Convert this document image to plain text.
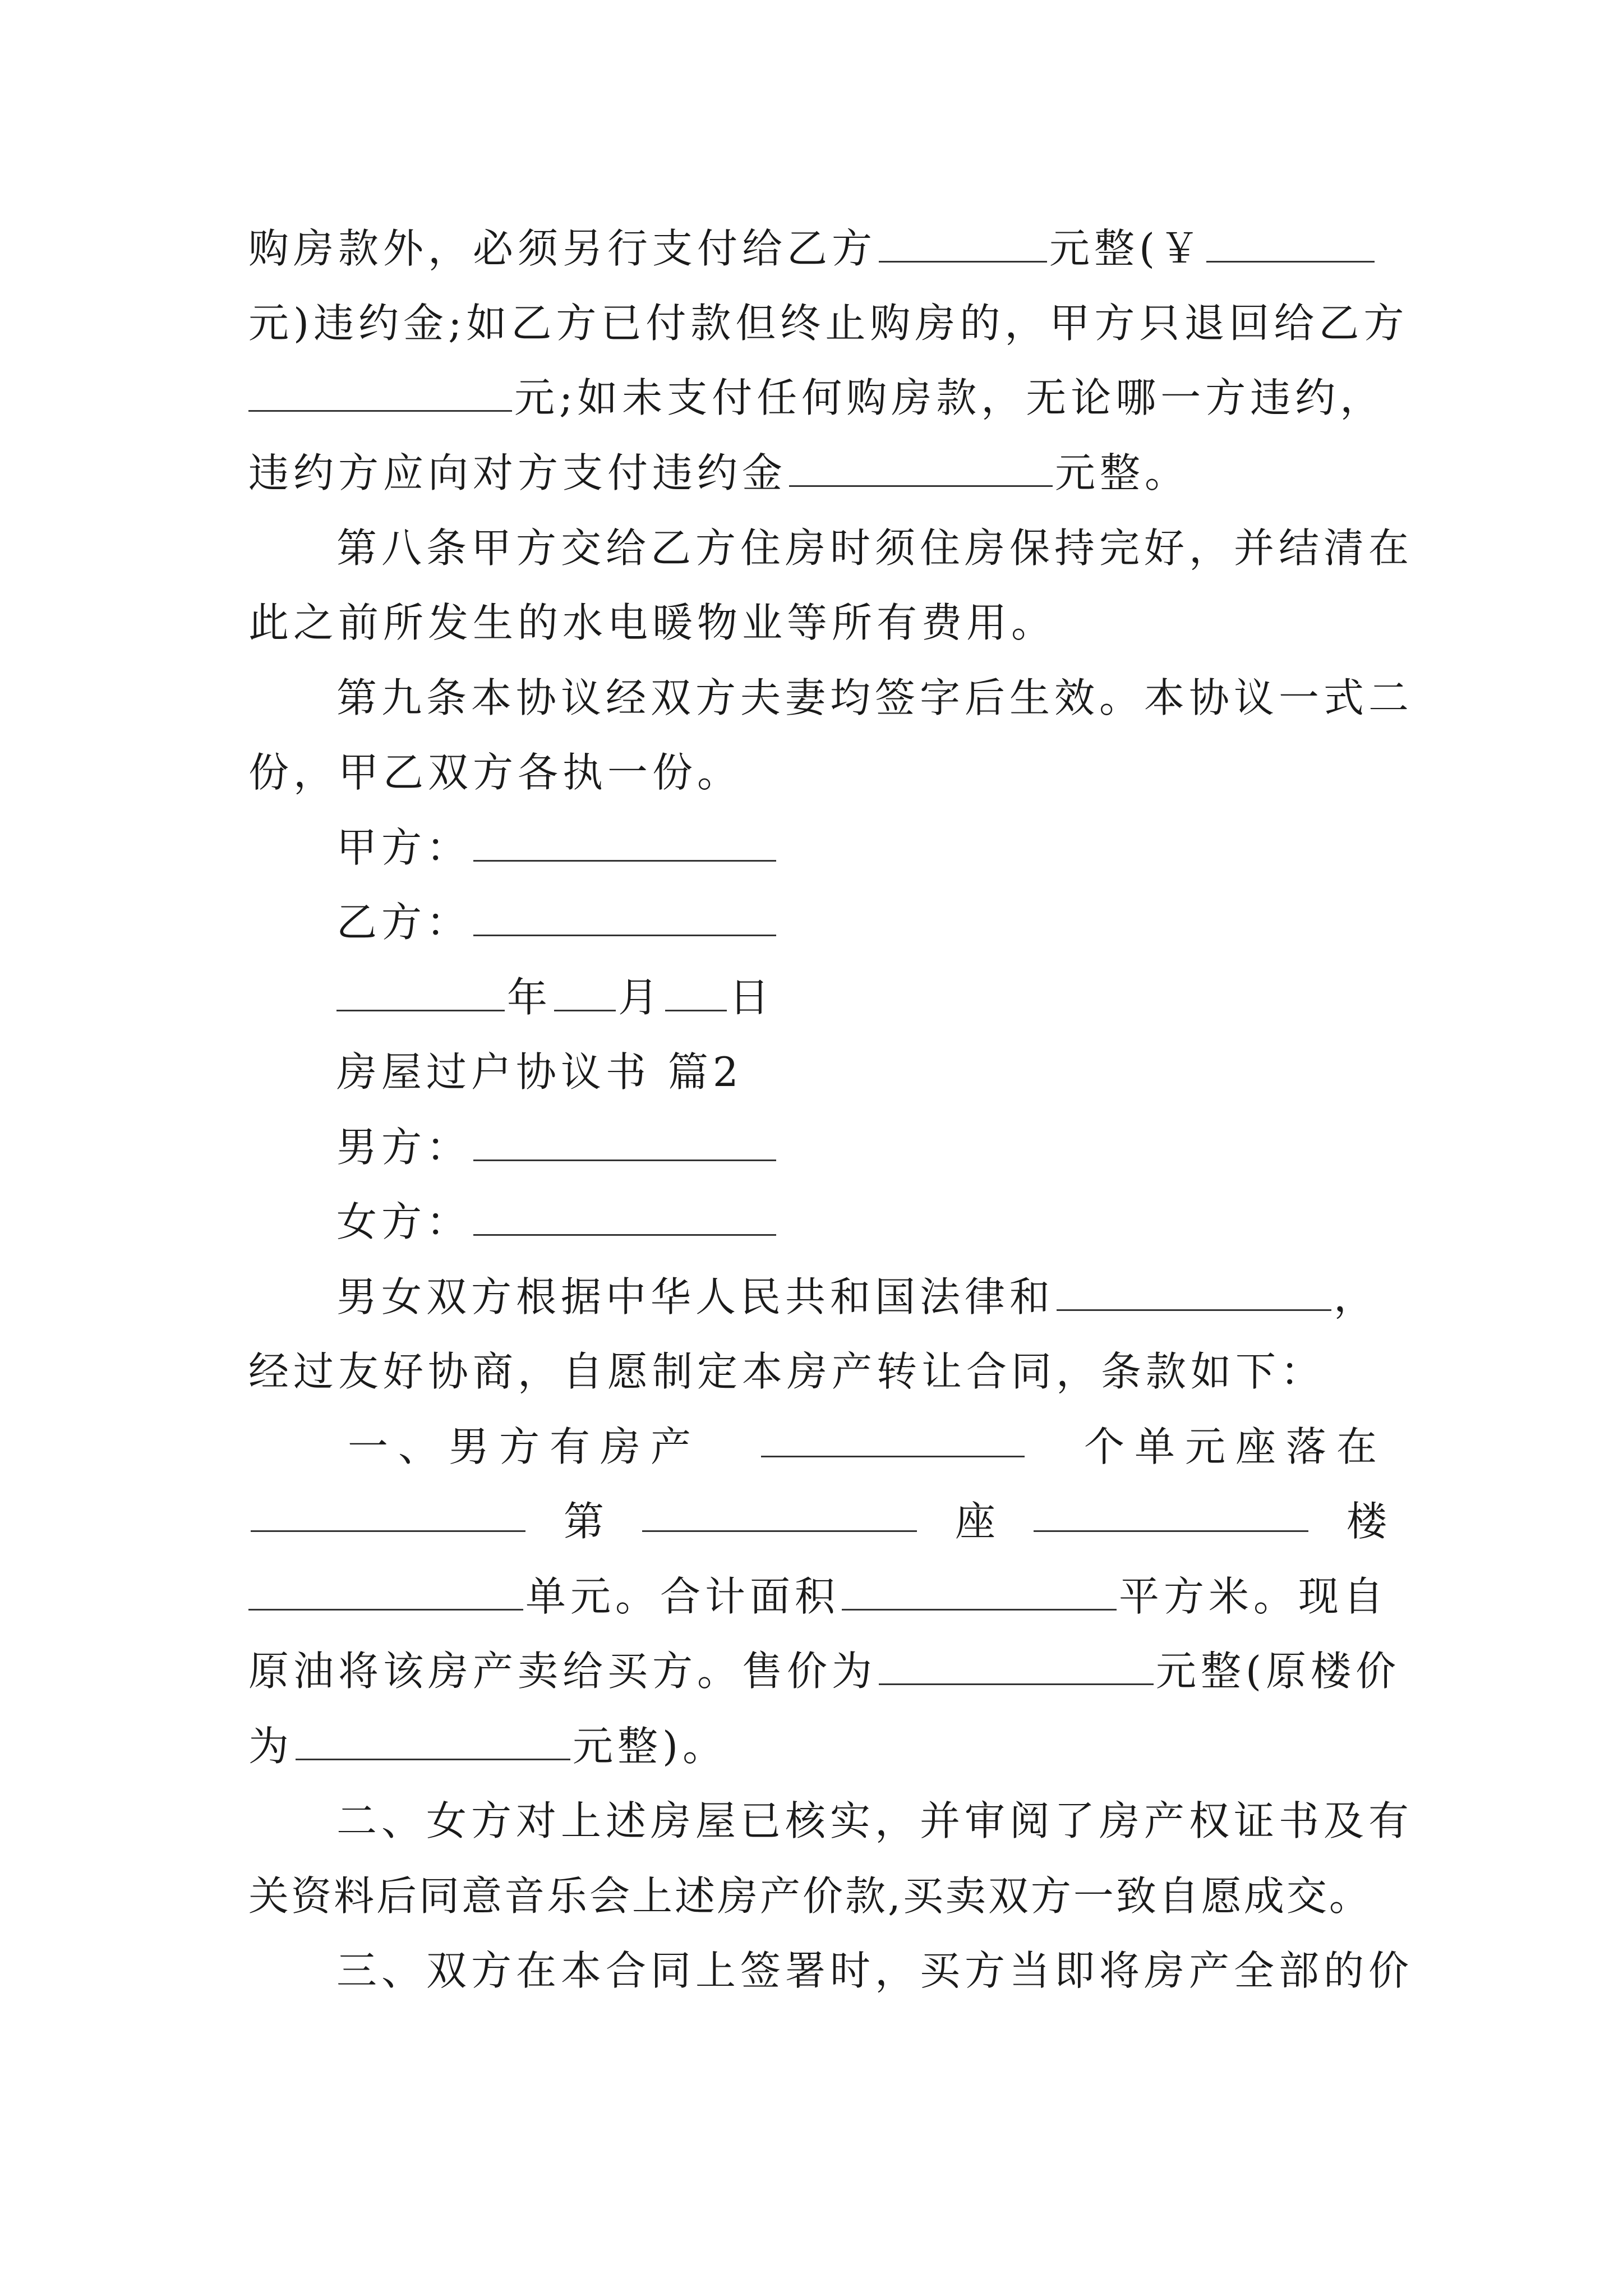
购房款外，必须另行支付给乙方	元整(￥
元)违约金;如乙方已付款但终止购房的，甲方只退回给乙方
元;如未支付任何购房款，无论哪一方违约，
违约方应向对方支付违约金	元整。
第八条甲方交给乙方住房时须住房保持完好，并结清在
此之前所发生的水电暖物业等所有费用。
第九条本协议经双方夫妻均签字后生效。本协议一式二
份，甲乙双方各执一份。
甲方：
乙方：
年 月 日
房屋过户协议书 篇2
男方：
女方：
男女双方根据中华人民共和国法律和	，
经过友好协商，自愿制定本房产转让合同，条款如下：
一、男方有房产	个单元座落在
第	座	楼
单元。合计面积	平方米。现自
原油将该房产卖给买方。售价为	元整(原楼价
为	元整)。
二、女方对上述房屋已核实，并审阅了房产权证书及有
关资料后同意音乐会上述房产价款,买卖双方一致自愿成交。
三、双方在本合同上签署时，买方当即将房产全部的价
